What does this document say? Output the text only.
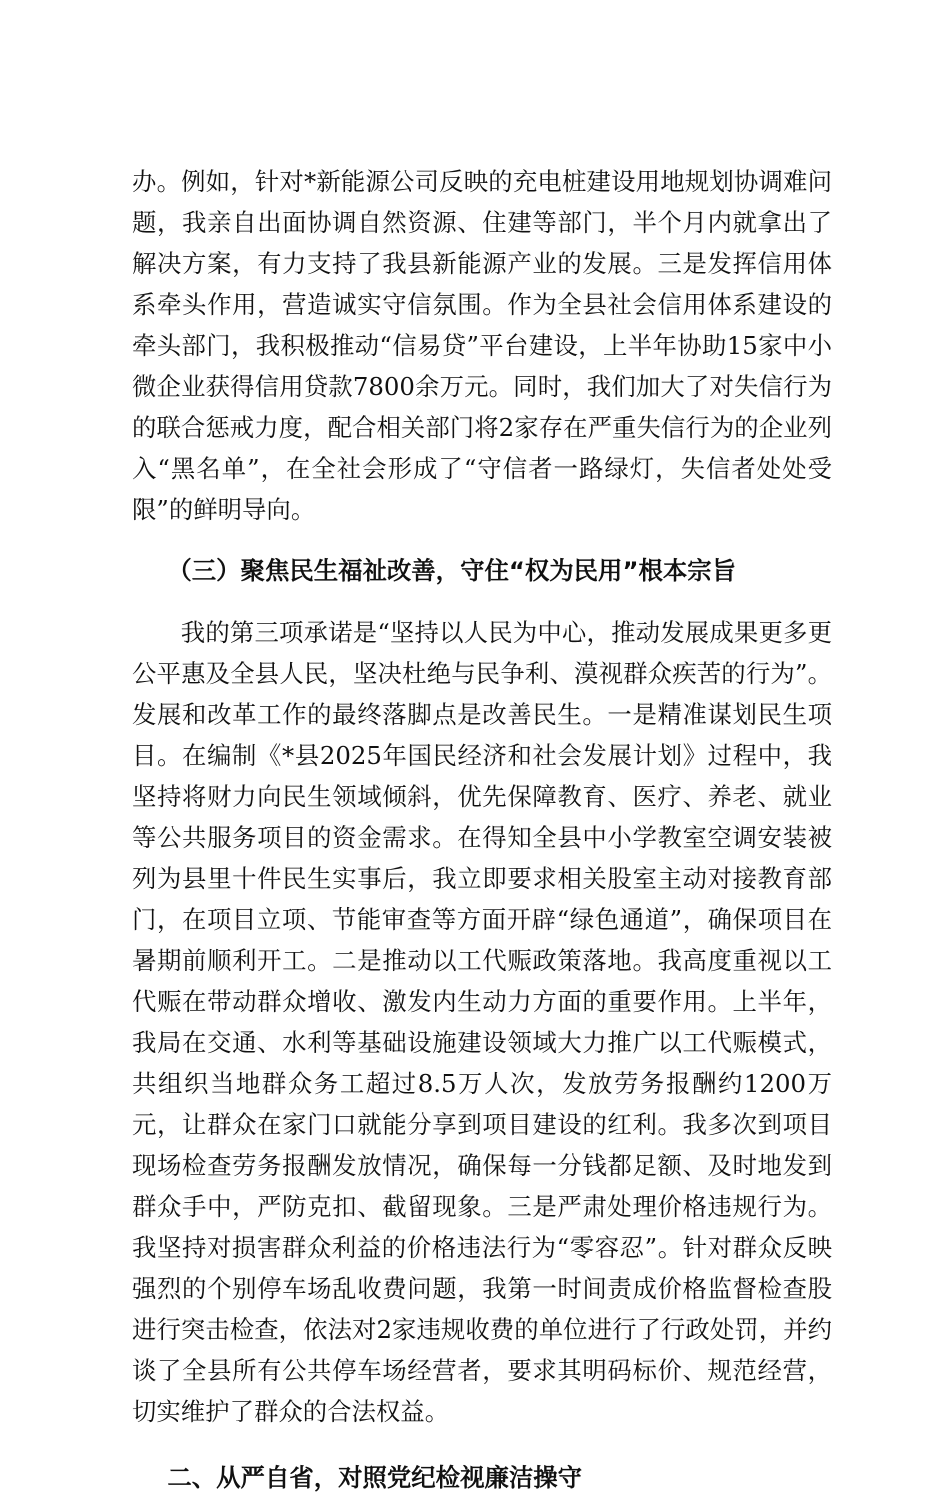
办。例如，针对*新能源公司反映的充电桩建设用地规划协调难问题，我亲自出面协调自然资源、住建等部门，半个月内就拿出了解决方案，有力支持了我县新能源产业的发展。三是发挥信用体系牵头作用，营造诚实守信氛围。作为全县社会信用体系建设的牵头部门，我积极推动“信易贷”平台建设，上半年协助15家中小微企业获得信用贷款7800余万元。同时，我们加大了对失信行为的联合惩戒力度，配合相关部门将2家存在严重失信行为的企业列入“黑名单”，在全社会形成了“守信者一路绿灯，失信者处处受限”的鲜明导向。

（三）聚焦民生福祉改善，守住“权为民用”根本宗旨

我的第三项承诺是“坚持以人民为中心，推动发展成果更多更公平惠及全县人民，坚决杜绝与民争利、漠视群众疾苦的行为”。发展和改革工作的最终落脚点是改善民生。一是精准谋划民生项目。在编制《*县2025年国民经济和社会发展计划》过程中，我坚持将财力向民生领域倾斜，优先保障教育、医疗、养老、就业等公共服务项目的资金需求。在得知全县中小学教室空调安装被列为县里十件民生实事后，我立即要求相关股室主动对接教育部门，在项目立项、节能审查等方面开辟“绿色通道”，确保项目在暑期前顺利开工。二是推动以工代赈政策落地。我高度重视以工代赈在带动群众增收、激发内生动力方面的重要作用。上半年，我局在交通、水利等基础设施建设领域大力推广以工代赈模式，共组织当地群众务工超过8.5万人次，发放劳务报酬约1200万元，让群众在家门口就能分享到项目建设的红利。我多次到项目现场检查劳务报酬发放情况，确保每一分钱都足额、及时地发到群众手中，严防克扣、截留现象。三是严肃处理价格违规行为。我坚持对损害群众利益的价格违法行为“零容忍”。针对群众反映强烈的个别停车场乱收费问题，我第一时间责成价格监督检查股进行突击检查，依法对2家违规收费的单位进行了行政处罚，并约谈了全县所有公共停车场经营者，要求其明码标价、规范经营，切实维护了群众的合法权益。

二、从严自省，对照党纪检视廉洁操守
